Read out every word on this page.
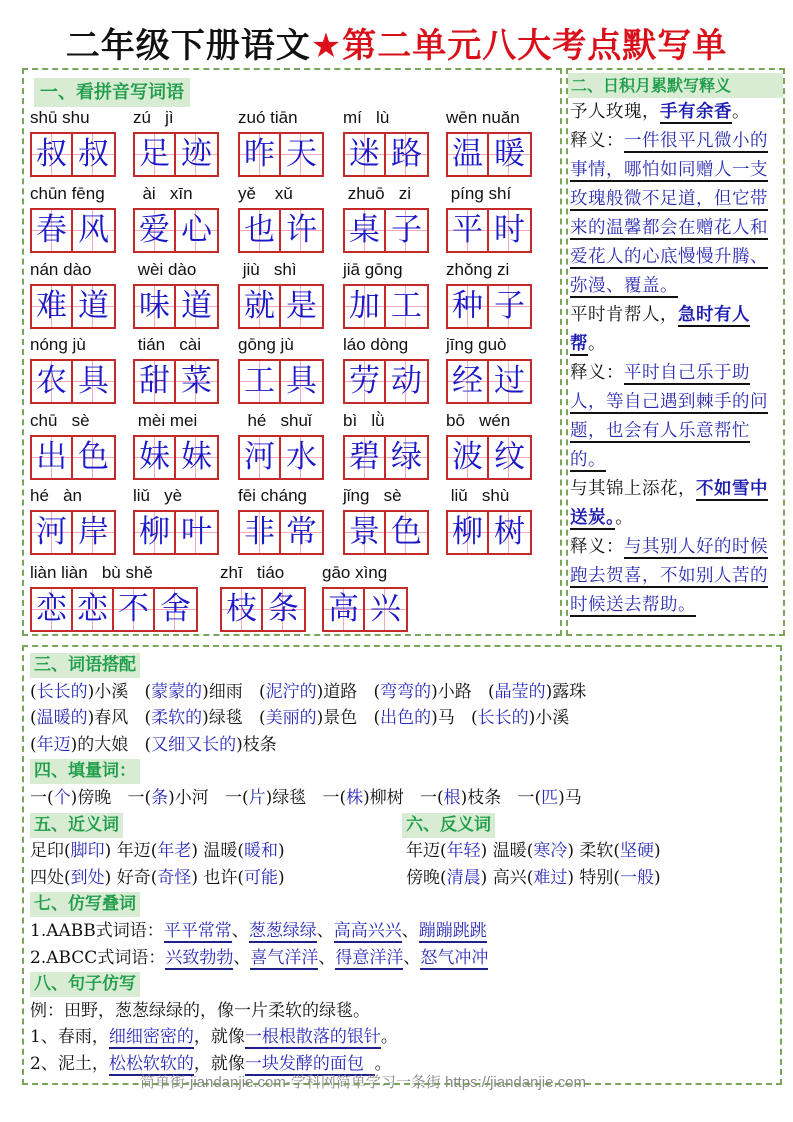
二年级下册语文★第二单元八大考点默写单
一、看拼音写词语
shū shu
叔 叔
zú   jì
足 迹
zuó tiān
昨 天
mí   lù
迷 路
wēn nuǎn
温 暖
chūn fēng
春 风
ài   xīn
爱 心
yě    xǔ
也 许
zhuō   zi
桌 子
píng shí
平 时
nán dào
难 道
wèi dào
味 道
jiù   shì
就 是
jiā gōng
加 工
zhǒng zi
种 子
nóng jù
农 具
tián   cài
甜 菜
gōng jù
工 具
láo dòng
劳 动
jīng guò
经 过
chū   sè
出 色
mèi mei
妹 妹
hé   shuǐ
河 水
bì   lǜ
碧 绿
bō   wén
波 纹
hé   àn
河 岸
liǔ   yè
柳 叶
fēi cháng
非 常
jǐng   sè
景 色
liǔ   shù
柳 树
liàn liàn   bù shě
恋 恋 不 舍
zhī   tiáo
枝 条
gāo xìng
高 兴
二、日积月累默写释义
予人玫瑰，手有余香。
释义：一件很平凡微小的事情，哪怕如同赠人一支玫瑰般微不足道，但它带来的温馨都会在赠花人和爱花人的心底慢慢升腾、弥漫、覆盖。
平时肯帮人，急时有人帮。
释义：平时自己乐于助人，等自己遇到棘手的问题，也会有人乐意帮忙的。
与其锦上添花，不如雪中送炭。。
释义：与其别人好的时候跑去贺喜，不如别人苦的时候送去帮助。
三、词语搭配
(长长的)小溪 (蒙蒙的)细雨 (泥泞的)道路 (弯弯的)小路 (晶莹的)露珠
(温暖的)春风 (柔软的)绿毯 (美丽的)景色 (出色的)马 (长长的)小溪
(年迈)的大娘 (又细又长的)枝条
四、填量词：
一(个)傍晚 一(条)小河 一(片)绿毯 一(株)柳树 一(根)枝条 一(匹)马
五、近义词	六、反义词
足印(脚印) 年迈(年老) 温暖(暖和)	年迈(年轻) 温暖(寒冷) 柔软(坚硬)
四处(到处) 好奇(奇怪) 也许(可能)	傍晚(清晨) 高兴(难过) 特别(一般)
七、仿写叠词
1.AABB式词语：平平常常、葱葱绿绿、高高兴兴、蹦蹦跳跳
2.ABCC式词语：兴致勃勃、喜气洋洋、得意洋洋、怒气冲冲
八、句子仿写
例：田野，葱葱绿绿的，像一片柔软的绿毯。
1、春雨，细细密密的，就像一根根散落的银针。
2、泥土，松松软软的，就像一块发酵的面包  。
简单街-jiandanjie.com-学科网简单学习一条街 https://jiandanjie.com
